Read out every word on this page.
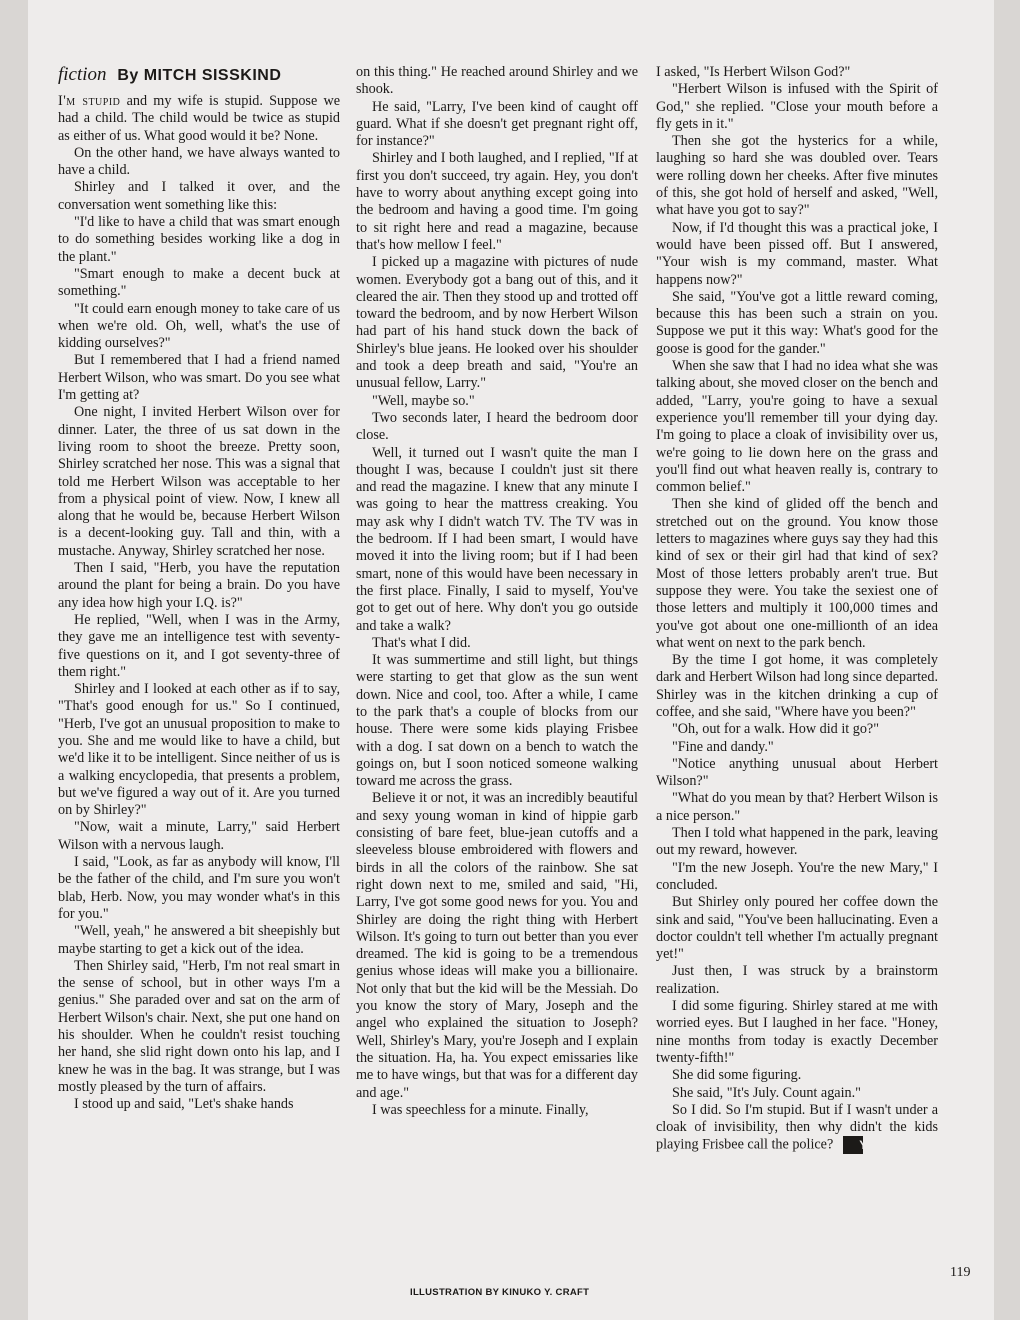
fiction By MITCH SISSKIND

I'm stupid and my wife is stupid. Suppose we had a child. The child would be twice as stupid as either of us. What good would it be? None.

On the other hand, we have always wanted to have a child.

Shirley and I talked it over, and the conversation went something like this:

"I'd like to have a child that was smart enough to do something besides working like a dog in the plant."

"Smart enough to make a decent buck at something."

"It could earn enough money to take care of us when we're old. Oh, well, what's the use of kidding ourselves?"

But I remembered that I had a friend named Herbert Wilson, who was smart. Do you see what I'm getting at?

One night, I invited Herbert Wilson over for dinner. Later, the three of us sat down in the living room to shoot the breeze. Pretty soon, Shirley scratched her nose. This was a signal that told me Herbert Wilson was acceptable to her from a physical point of view. Now, I knew all along that he would be, because Herbert Wilson is a decent-looking guy. Tall and thin, with a mustache. Anyway, Shirley scratched her nose.

Then I said, "Herb, you have the reputation around the plant for being a brain. Do you have any idea how high your I.Q. is?"

He replied, "Well, when I was in the Army, they gave me an intelligence test with seventy-five questions on it, and I got seventy-three of them right."

Shirley and I looked at each other as if to say, "That's good enough for us." So I continued, "Herb, I've got an unusual proposition to make to you. She and me would like to have a child, but we'd like it to be intelligent. Since neither of us is a walking encyclopedia, that presents a problem, but we've figured a way out of it. Are you turned on by Shirley?"

"Now, wait a minute, Larry," said Herbert Wilson with a nervous laugh.

I said, "Look, as far as anybody will know, I'll be the father of the child, and I'm sure you won't blab, Herb. Now, you may wonder what's in this for you."

"Well, yeah," he answered a bit sheepishly but maybe starting to get a kick out of the idea.

Then Shirley said, "Herb, I'm not real smart in the sense of school, but in other ways I'm a genius." She paraded over and sat on the arm of Herbert Wilson's chair. Next, she put one hand on his shoulder. When he couldn't resist touching her hand, she slid right down onto his lap, and I knew he was in the bag. It was strange, but I was mostly pleased by the turn of affairs.

I stood up and said, "Let's shake hands

on this thing." He reached around Shirley and we shook.

He said, "Larry, I've been kind of caught off guard. What if she doesn't get pregnant right off, for instance?"

Shirley and I both laughed, and I replied, "If at first you don't succeed, try again. Hey, you don't have to worry about anything except going into the bedroom and having a good time. I'm going to sit right here and read a magazine, because that's how mellow I feel."

I picked up a magazine with pictures of nude women. Everybody got a bang out of this, and it cleared the air. Then they stood up and trotted off toward the bedroom, and by now Herbert Wilson had part of his hand stuck down the back of Shirley's blue jeans. He looked over his shoulder and took a deep breath and said, "You're an unusual fellow, Larry."

"Well, maybe so."

Two seconds later, I heard the bedroom door close.

Well, it turned out I wasn't quite the man I thought I was, because I couldn't just sit there and read the magazine. I knew that any minute I was going to hear the mattress creaking. You may ask why I didn't watch TV. The TV was in the bedroom. If I had been smart, I would have moved it into the living room; but if I had been smart, none of this would have been necessary in the first place. Finally, I said to myself, You've got to get out of here. Why don't you go outside and take a walk?

That's what I did.

It was summertime and still light, but things were starting to get that glow as the sun went down. Nice and cool, too. After a while, I came to the park that's a couple of blocks from our house. There were some kids playing Frisbee with a dog. I sat down on a bench to watch the goings on, but I soon noticed someone walking toward me across the grass.

Believe it or not, it was an incredibly beautiful and sexy young woman in kind of hippie garb consisting of bare feet, blue-jean cutoffs and a sleeveless blouse embroidered with flowers and birds in all the colors of the rainbow. She sat right down next to me, smiled and said, "Hi, Larry, I've got some good news for you. You and Shirley are doing the right thing with Herbert Wilson. It's going to turn out better than you ever dreamed. The kid is going to be a tremendous genius whose ideas will make you a billionaire. Not only that but the kid will be the Messiah. Do you know the story of Mary, Joseph and the angel who explained the situation to Joseph? Well, Shirley's Mary, you're Joseph and I explain the situation. Ha, ha. You expect emissaries like me to have wings, but that was for a different day and age."

I was speechless for a minute. Finally,

I asked, "Is Herbert Wilson God?"

"Herbert Wilson is infused with the Spirit of God," she replied. "Close your mouth before a fly gets in it."

Then she got the hysterics for a while, laughing so hard she was doubled over. Tears were rolling down her cheeks. After five minutes of this, she got hold of herself and asked, "Well, what have you got to say?"

Now, if I'd thought this was a practical joke, I would have been pissed off. But I answered, "Your wish is my command, master. What happens now?"

She said, "You've got a little reward coming, because this has been such a strain on you. Suppose we put it this way: What's good for the goose is good for the gander."

When she saw that I had no idea what she was talking about, she moved closer on the bench and added, "Larry, you're going to have a sexual experience you'll remember till your dying day. I'm going to place a cloak of invisibility over us, we're going to lie down here on the grass and you'll find out what heaven really is, contrary to common belief."

Then she kind of glided off the bench and stretched out on the ground. You know those letters to magazines where guys say they had this kind of sex or their girl had that kind of sex? Most of those letters probably aren't true. But suppose they were. You take the sexiest one of those letters and multiply it 100,000 times and you've got about one one-millionth of an idea what went on next to the park bench.

By the time I got home, it was completely dark and Herbert Wilson had long since departed. Shirley was in the kitchen drinking a cup of coffee, and she said, "Where have you been?"

"Oh, out for a walk. How did it go?"

"Fine and dandy."

"Notice anything unusual about Herbert Wilson?"

"What do you mean by that? Herbert Wilson is a nice person."

Then I told what happened in the park, leaving out my reward, however.

"I'm the new Joseph. You're the new Mary," I concluded.

But Shirley only poured her coffee down the sink and said, "You've been hallucinating. Even a doctor couldn't tell whether I'm actually pregnant yet!"

Just then, I was struck by a brainstorm realization.

I did some figuring. Shirley stared at me with worried eyes. But I laughed in her face. "Honey, nine months from today is exactly December twenty-fifth!"

She did some figuring.

She said, "It's July. Count again."

So I did. So I'm stupid. But if I wasn't under a cloak of invisibility, then why didn't the kids playing Frisbee call the police? Y

119
ILLUSTRATION BY KINUKO Y. CRAFT
